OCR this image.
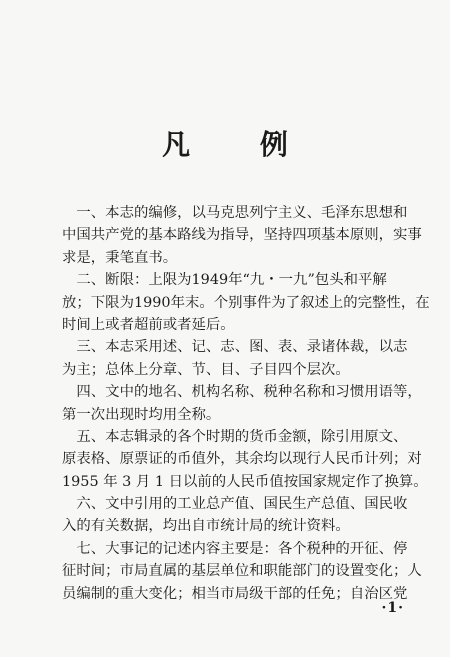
凡 例

　一、本志的编修，以马克思列宁主义、毛泽东思想和
中国共产党的基本路线为指导，坚持四项基本原则，实事
求是，秉笔直书。

　二、断限：上限为1949年“九・一九”包头和平解
放；下限为1990年末。个别事件为了叙述上的完整性，在
时间上或者超前或者延后。

　三、本志采用述、记、志、图、表、录诸体裁，以志
为主；总体上分章、节、目、子目四个层次。

　四、文中的地名、机构名称、税种名称和习惯用语等，
第一次出现时均用全称。

　五、本志辑录的各个时期的货币金额，除引用原文、
原表格、原票证的币值外，其余均以现行人民币计列；对
1955 年 3 月 1 日以前的人民币值按国家规定作了换算。

　六、文中引用的工业总产值、国民生产总值、国民收
入的有关数据，均出自市统计局的统计资料。

　七、大事记的记述内容主要是：各个税种的开征、停
征时间；市局直属的基层单位和职能部门的设置变化；人
员编制的重大变化；相当市局级干部的任免；自治区党

·1·
